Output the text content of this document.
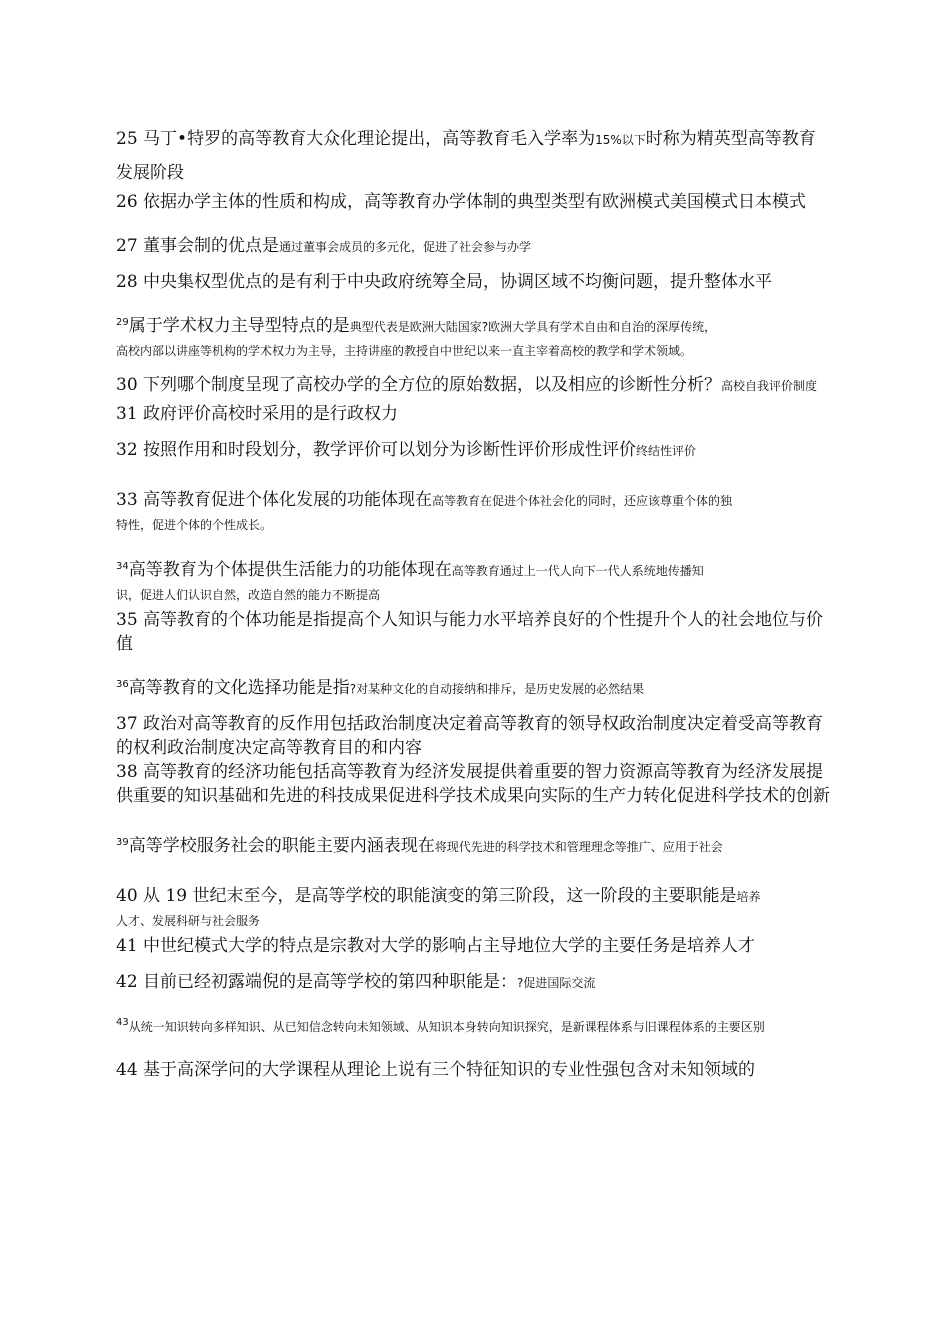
25 马丁•特罗的高等教育大众化理论提出，高等教育毛入学率为15%以下时称为精英型高等教育发展阶段

26 依据办学主体的性质和构成，高等教育办学体制的典型类型有欧洲模式美国模式日本模式

27 董事会制的优点是通过董事会成员的多元化，促进了社会参与办学

28 中央集权型优点的是有利于中央政府统筹全局，协调区域不均衡问题，提升整体水平

$^{29}$属于学术权力主导型特点的是典型代表是欧洲大陆国家?欧洲大学具有学术自由和自治的深厚传统，

高校内部以讲座等机构的学术权力为主导，主持讲座的教授自中世纪以来一直主宰着高校的教学和学术领域。

30 下列哪个制度呈现了高校办学的全方位的原始数据，以及相应的诊断性分析？高校自我评价制度

31 政府评价高校时采用的是行政权力

32 按照作用和时段划分，教学评价可以划分为诊断性评价形成性评价终结性评价

33 高等教育促进个体化发展的功能体现在高等教育在促进个体社会化的同时，还应该尊重个体的独

特性，促进个体的个性成长。

$^{34}$高等教育为个体提供生活能力的功能体现在高等教育通过上一代人向下一代人系统地传播知

识，促进人们认识自然，改造自然的能力不断提高

35 高等教育的个体功能是指提高个人知识与能力水平培养良好的个性提升个人的社会地位与价值

$^{36}$高等教育的文化选择功能是指?对某种文化的自动接纳和排斥，是历史发展的必然结果

37 政治对高等教育的反作用包括政治制度决定着高等教育的领导权政治制度决定着受高等教育的权利政治制度决定高等教育目的和内容

38 高等教育的经济功能包括高等教育为经济发展提供着重要的智力资源高等教育为经济发展提供重要的知识基础和先进的科技成果促进科学技术成果向实际的生产力转化促进科学技术的创新

$^{39}$高等学校服务社会的职能主要内涵表现在将现代先进的科学技术和管理理念等推广、应用于社会

40 从 19 世纪末至今，是高等学校的职能演变的第三阶段，这一阶段的主要职能是培养

人才、发展科研与社会服务

41 中世纪模式大学的特点是宗教对大学的影响占主导地位大学的主要任务是培养人才

42 目前已经初露端倪的是高等学校的第四种职能是：?促进国际交流

$^{43}$从统一知识转向多样知识、从已知信念转向未知领域、从知识本身转向知识探究，是新课程体系与旧课程体系的主要区别

44 基于高深学问的大学课程从理论上说有三个特征知识的专业性强包含对未知领域的
